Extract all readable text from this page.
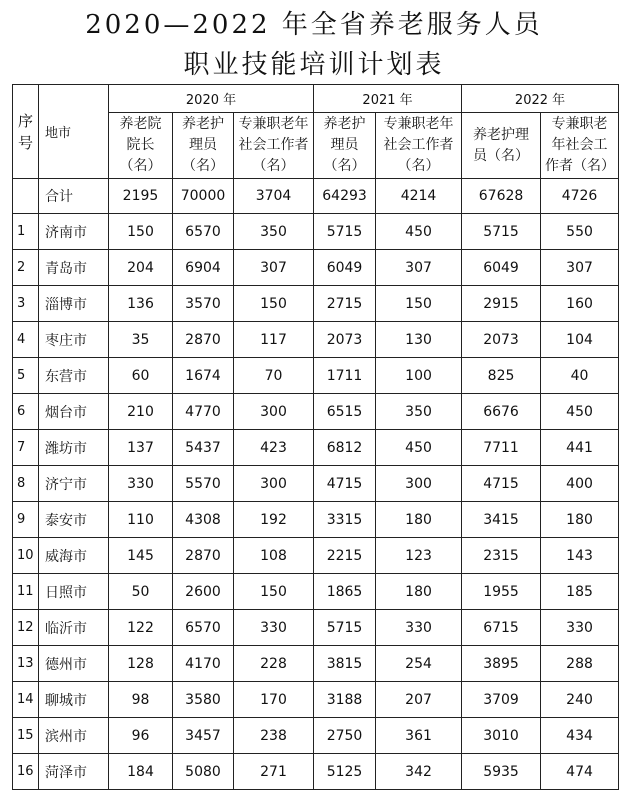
2020—2022 年全省养老服务人员
职业技能培训计划表
序号	地市	2020 年			2021 年		2022 年	

		养老院院长（名）	养老护理员（名）	专兼职老年社会工作者（名）	养老护理员（名）	专兼职老年社会工作者（名）	养老护理员（名）	专兼职老年社会工作者（名）

	合计	2195	70000	3704	64293	4214	67628	4726
1	济南市	150	6570	350	5715	450	5715	550
2	青岛市	204	6904	307	6049	307	6049	307
3	淄博市	136	3570	150	2715	150	2915	160
4	枣庄市	35	2870	117	2073	130	2073	104
5	东营市	60	1674	70	1711	100	825	40
6	烟台市	210	4770	300	6515	350	6676	450
7	潍坊市	137	5437	423	6812	450	7711	441
8	济宁市	330	5570	300	4715	300	4715	400
9	泰安市	110	4308	192	3315	180	3415	180
10	威海市	145	2870	108	2215	123	2315	143
11	日照市	50	2600	150	1865	180	1955	185
12	临沂市	122	6570	330	5715	330	6715	330
13	德州市	128	4170	228	3815	254	3895	288
14	聊城市	98	3580	170	3188	207	3709	240
15	滨州市	96	3457	238	2750	361	3010	434
16	菏泽市	184	5080	271	5125	342	5935	474
